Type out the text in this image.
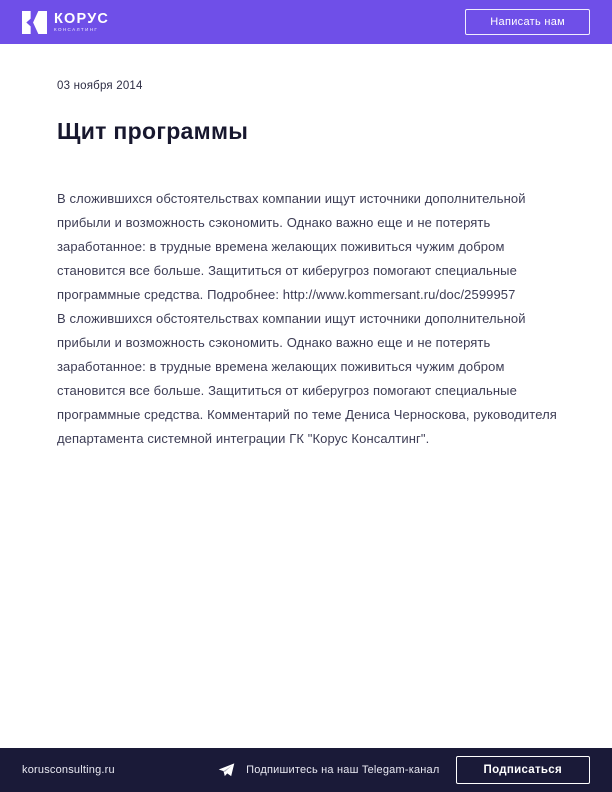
КОРУС
КОНСАЛТИНГ
Написать нам
03 ноября 2014
Щит программы

В сложившихся обстоятельствах компании ищут источники дополнительной прибыли и возможность сэкономить. Однако важно еще и не потерять заработанное: в трудные времена желающих поживиться чужим добром становится все больше. Защититься от киберугроз помогают специальные программные средства. Подробнее: http://www.kommersant.ru/doc/2599957

В сложившихся обстоятельствах компании ищут источники дополнительной прибыли и возможность сэкономить. Однако важно еще и не потерять заработанное: в трудные времена желающих поживиться чужим добром становится все больше. Защититься от киберугроз помогают специальные программные средства. Комментарий по теме Дениса Черноскова, руководителя департамента системной интеграции ГК "Корус Консалтинг".

korusconsulting.ru	Подпишитесь на наш Telegam-канал	Подписаться
